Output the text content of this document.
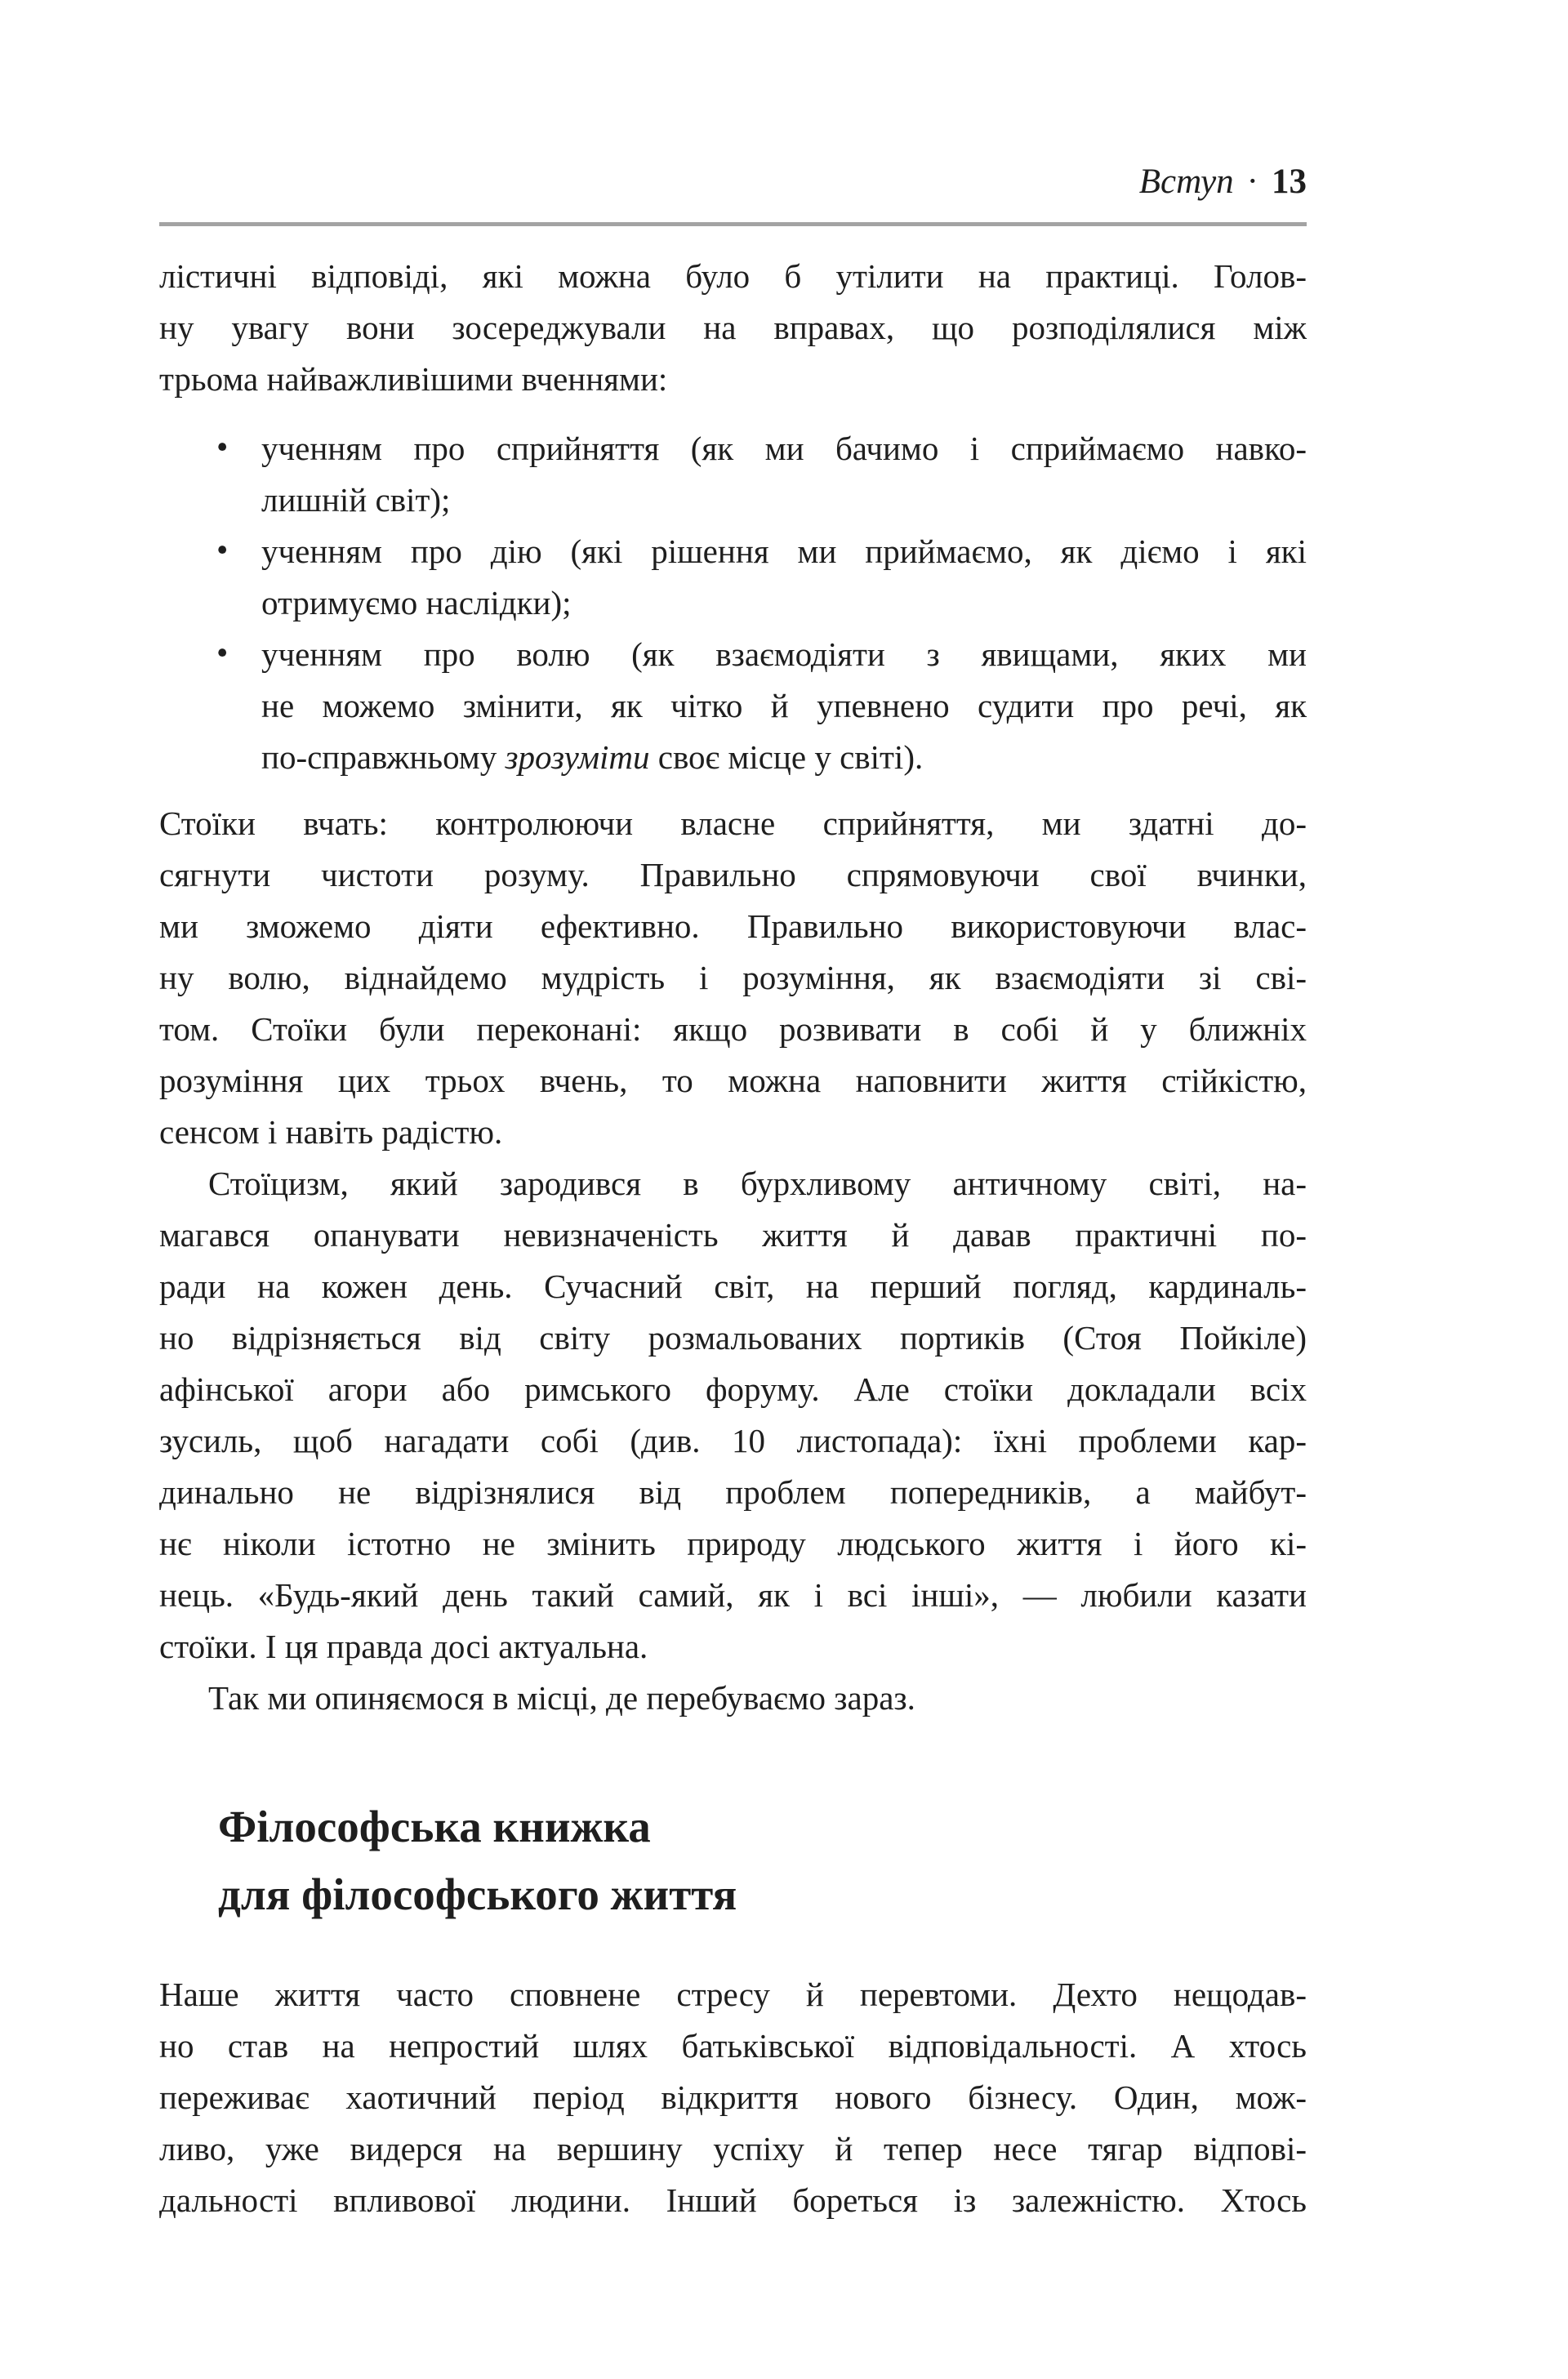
Вступ · 13
лістичні відповіді, які можна було б утілити на практиці. Голов-
ну увагу вони зосереджували на вправах, що розподілялися між
трьома найважливішими вченнями:
• ученням про сприйняття (як ми бачимо і сприймаємо навко-
лишній світ);
• ученням про дію (які рішення ми приймаємо, як діємо і які
отримуємо наслідки);
• ученням про волю (як взаємодіяти з явищами, яких ми
не можемо змінити, як чітко й упевнено судити про речі, як
по-справжньому зрозуміти своє місце у світі).
Стоїки вчать: контролюючи власне сприйняття, ми здатні до-
сягнути чистоти розуму. Правильно спрямовуючи свої вчинки,
ми зможемо діяти ефективно. Правильно використовуючи влас-
ну волю, віднайдемо мудрість і розуміння, як взаємодіяти зі сві-
том. Стоїки були переконані: якщо розвивати в собі й у ближніх
розуміння цих трьох вчень, то можна наповнити життя стійкістю,
сенсом і навіть радістю.
Стоїцизм, який зародився в бурхливому античному світі, на-
магався опанувати невизначеність життя й давав практичні по-
ради на кожен день. Сучасний світ, на перший погляд, кардиналь-
но відрізняється від світу розмальованих портиків (Стоя Пойкіле)
афінської агори або римського форуму. Але стоїки докладали всіх
зусиль, щоб нагадати собі (див. 10 листопада): їхні проблеми кар-
динально не відрізнялися від проблем попередників, а майбут-
нє ніколи істотно не змінить природу людського життя і його кі-
нець. «Будь-який день такий самий, як і всі інші», — любили казати
стоїки. І ця правда досі актуальна.
Так ми опиняємося в місці, де перебуваємо зараз.
Філософська книжка
для філософського життя
Наше життя часто сповнене стресу й перевтоми. Дехто нещодав-
но став на непростий шлях батьківської відповідальності. А хтось
переживає хаотичний період відкриття нового бізнесу. Один, мож-
ливо, уже видерся на вершину успіху й тепер несе тягар відпові-
дальності впливової людини. Інший бореться із залежністю. Хтось
